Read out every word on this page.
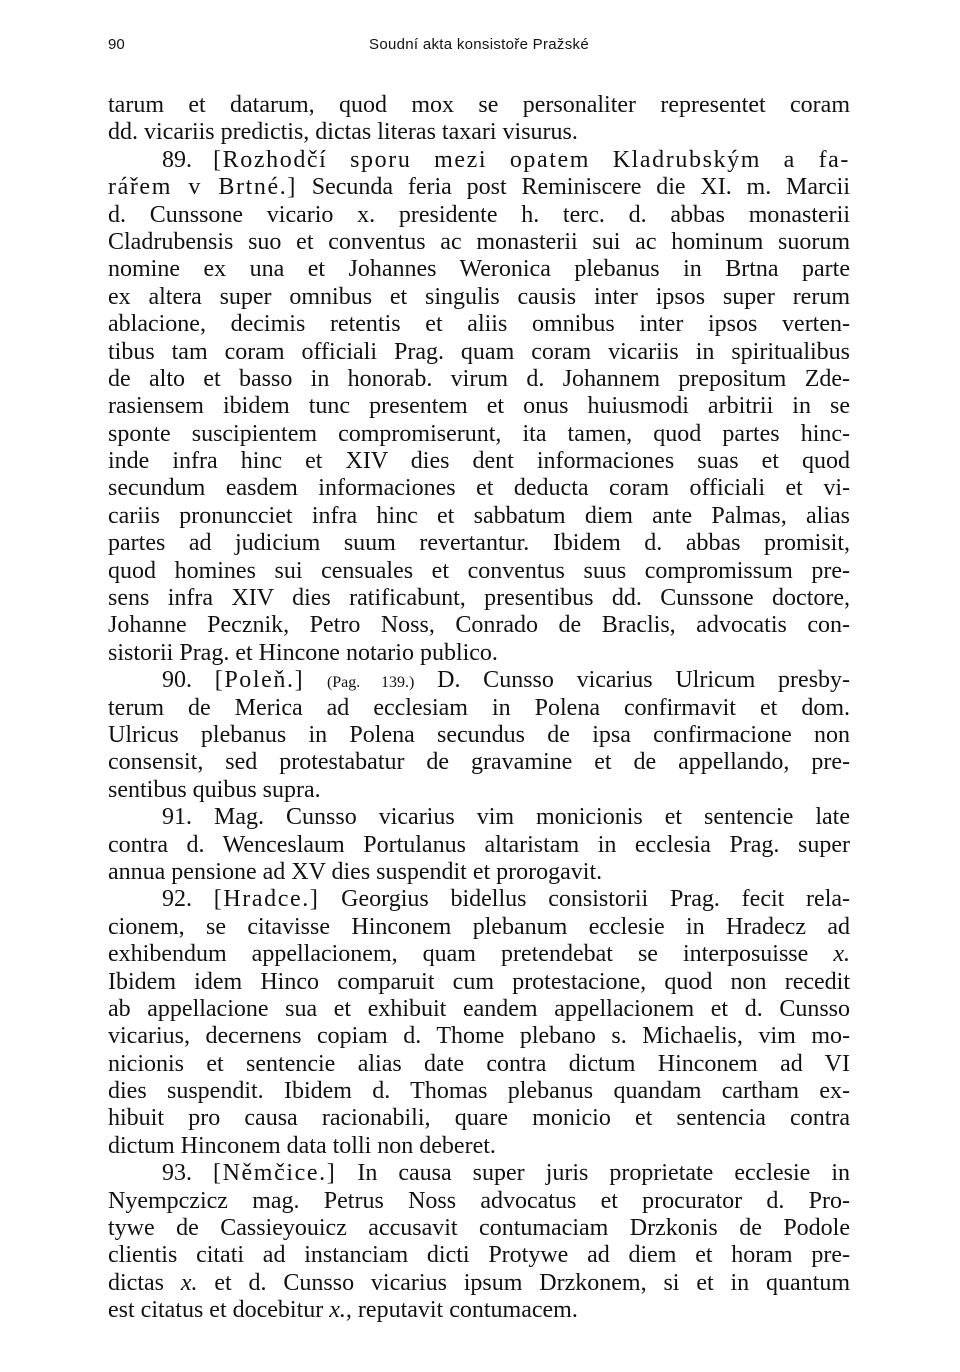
90	Soudní akta konsistoře Pražské
tarum et datarum, quod mox se personaliter representet coram
dd. vicariis predictis, dictas literas taxari visurus.
89. [Rozhodčí sporu mezi opatem Kladrubským a fa-
rářem v Brtné.] Secunda feria post Reminiscere die XI. m. Marcii
d. Cunssone vicario x. presidente h. terc. d. abbas monasterii
Cladrubensis suo et conventus ac monasterii sui ac hominum suorum
nomine ex una et Johannes Weronica plebanus in Brtna parte
ex altera super omnibus et singulis causis inter ipsos super rerum
ablacione, decimis retentis et aliis omnibus inter ipsos verten-
tibus tam coram officiali Prag. quam coram vicariis in spiritualibus
de alto et basso in honorab. virum d. Johannem prepositum Zde-
rasiensem ibidem tunc presentem et onus huiusmodi arbitrii in se
sponte suscipientem compromiserunt, ita tamen, quod partes hinc-
inde infra hinc et XIV dies dent informaciones suas et quod
secundum easdem informaciones et deducta coram officiali et vi-
cariis pronuncciet infra hinc et sabbatum diem ante Palmas, alias
partes ad judicium suum revertantur. Ibidem d. abbas promisit,
quod homines sui censuales et conventus suus compromissum pre-
sens infra XIV dies ratificabunt, presentibus dd. Cunssone doctore,
Johanne Pecznik, Petro Noss, Conrado de Braclis, advocatis con-
sistorii Prag. et Hincone notario publico.
90. [Poleň.] (Pag. 139.) D. Cunsso vicarius Ulricum presby-
terum de Merica ad ecclesiam in Polena confirmavit et dom.
Ulricus plebanus in Polena secundus de ipsa confirmacione non
consensit, sed protestabatur de gravamine et de appellando, pre-
sentibus quibus supra.
91. Mag. Cunsso vicarius vim monicionis et sentencie late
contra d. Wenceslaum Portulanus altaristam in ecclesia Prag. super
annua pensione ad XV dies suspendit et prorogavit.
92. [Hradce.] Georgius bidellus consistorii Prag. fecit rela-
cionem, se citavisse Hinconem plebanum ecclesie in Hradecz ad
exhibendum appellacionem, quam pretendebat se interposuisse x.
Ibidem idem Hinco comparuit cum protestacione, quod non recedit
ab appellacione sua et exhibuit eandem appellacionem et d. Cunsso
vicarius, decernens copiam d. Thome plebano s. Michaelis, vim mo-
nicionis et sentencie alias date contra dictum Hinconem ad VI
dies suspendit. Ibidem d. Thomas plebanus quandam cartham ex-
hibuit pro causa racionabili, quare monicio et sentencia contra
dictum Hinconem data tolli non deberet.
93. [Němčice.] In causa super juris proprietate ecclesie in
Nyempczicz mag. Petrus Noss advocatus et procurator d. Pro-
tywe de Cassieyouicz accusavit contumaciam Drzkonis de Podole
clientis citati ad instanciam dicti Protywe ad diem et horam pre-
dictas x. et d. Cunsso vicarius ipsum Drzkonem, si et in quantum
est citatus et docebitur x., reputavit contumacem.
